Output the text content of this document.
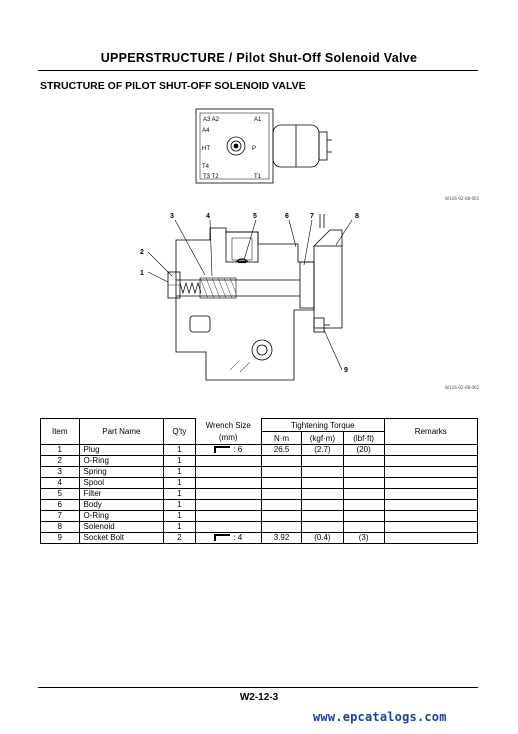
UPPERSTRUCTURE / Pilot Shut-Off Solenoid Valve
STRUCTURE OF PILOT SHUT-OFF SOLENOID VALVE
A3 A2	A1
A4
HT	P
T4
T3 T2	T1
1
2
3	4	5	6	7	8
9
W1US-02-08-001
W1US-02-08-002
Item	Part Name	Q'ty	Wrench Size	Tightening Torque			Remarks
			(mm)	N·m	(kgf·m)	(lbf·ft)	
1	Plug	1	: 6	26.5	(2.7)	(20)	
2	O-Ring	1					
3	Spring	1					
4	Spool	1					
5	Filter	1					
6	Body	1					
7	O-Ring	1					
8	Solenoid	1					
9	Socket Bolt	2	: 4	3.92	(0.4)	(3)	
W2-12-3
www.epcatalogs.com
